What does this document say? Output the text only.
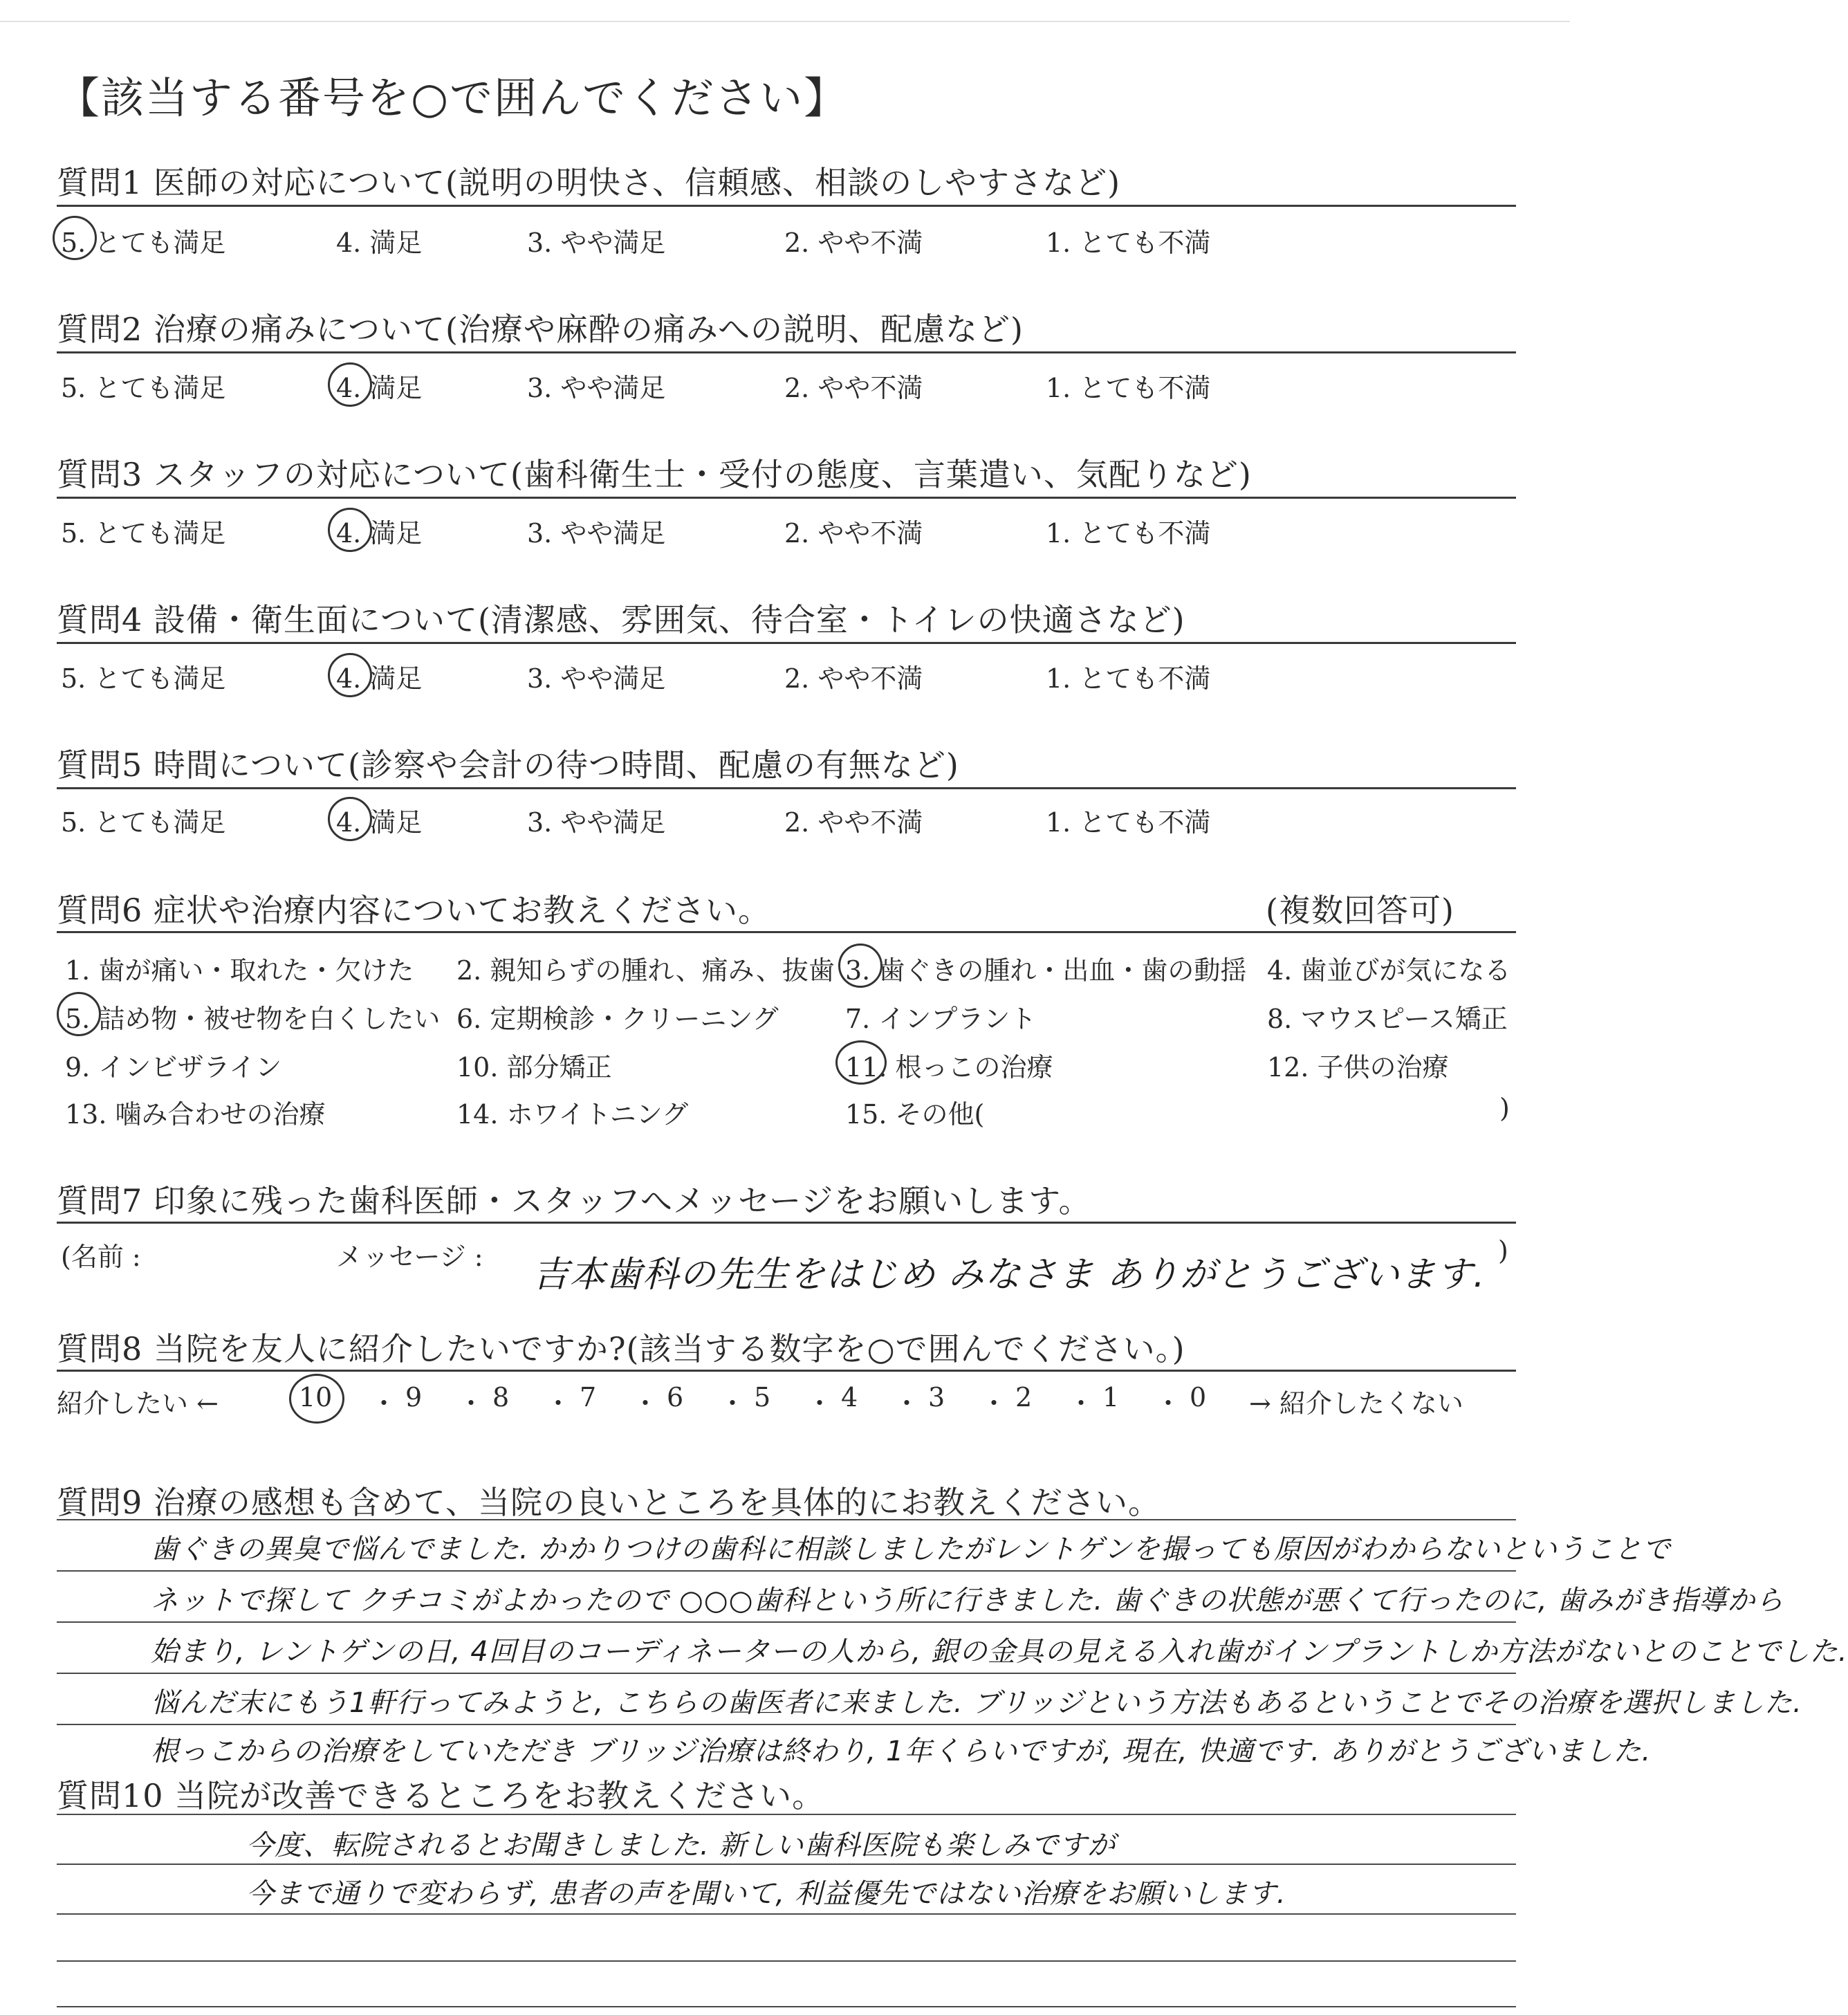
【該当する番号を○で囲んでください】
質問1 医師の対応について(説明の明快さ、信頼感、相談のしやすさなど)
5. とても満足	4. 満足	3. やや満足	2. やや不満	1. とても不満
質問2 治療の痛みについて(治療や麻酔の痛みへの説明、配慮など)
5. とても満足	4. 満足	3. やや満足	2. やや不満	1. とても不満
質問3 スタッフの対応について(歯科衛生士・受付の態度、言葉遣い、気配りなど)
5. とても満足	4. 満足	3. やや満足	2. やや不満	1. とても不満
質問4 設備・衛生面について(清潔感、雰囲気、待合室・トイレの快適さなど)
5. とても満足	4. 満足	3. やや満足	2. やや不満	1. とても不満
質問5 時間について(診察や会計の待つ時間、配慮の有無など)
5. とても満足	4. 満足	3. やや満足	2. やや不満	1. とても不満
質問6 症状や治療内容についてお教えください。	(複数回答可)
1. 歯が痛い・取れた・欠けた 2. 親知らずの腫れ、痛み、抜歯 3. 歯ぐきの腫れ・出血・歯の動揺 4. 歯並びが気になる
5. 詰め物・被せ物を白くしたい 6. 定期検診・クリーニング	7. インプラント	8. マウスピース矯正
9. インビザライン	10. 部分矯正	11. 根っこの治療	12. 子供の治療
13. 噛み合わせの治療	14. ホワイトニング	15. その他(	)
質問7 印象に残った歯科医師・スタッフへメッセージをお願いします。
(名前 :	メッセージ : 吉本歯科の先生をはじめ みなさま ありがとうございます.
)
質問8 当院を友人に紹介したいですか?(該当する数字を○で囲んでください。)
紹介したい ←	10 ・ 9 ・ 8 ・ 7 ・ 6 ・ 5 ・ 4 ・ 3 ・ 2 ・ 1 ・ 0 → 紹介したくない
質問9 治療の感想も含めて、当院の良いところを具体的にお教えください。
歯ぐきの異臭で悩んでました. かかりつけの歯科に相談しましたがレントゲンを撮っても原因がわからないということで
ネットで探して クチコミがよかったので ○○○歯科という所に行きました. 歯ぐきの状態が悪くて行ったのに, 歯みがき指導から
始まり, レントゲンの日, 4回目のコーディネーターの人から, 銀の金具の見える入れ歯がインプラントしか方法がないとのことでした.
悩んだ末にもう1軒行ってみようと, こちらの歯医者に来ました. ブリッジという方法もあるということでその治療を選択しました.
根っこからの治療をしていただき ブリッジ治療は終わり, 1年くらいですが, 現在, 快適です. ありがとうございました.
質問10 当院が改善できるところをお教えください。
今度、転院されるとお聞きしました. 新しい歯科医院も楽しみですが
今まで通りで変わらず, 患者の声を聞いて, 利益優先ではない治療をお願いします.
